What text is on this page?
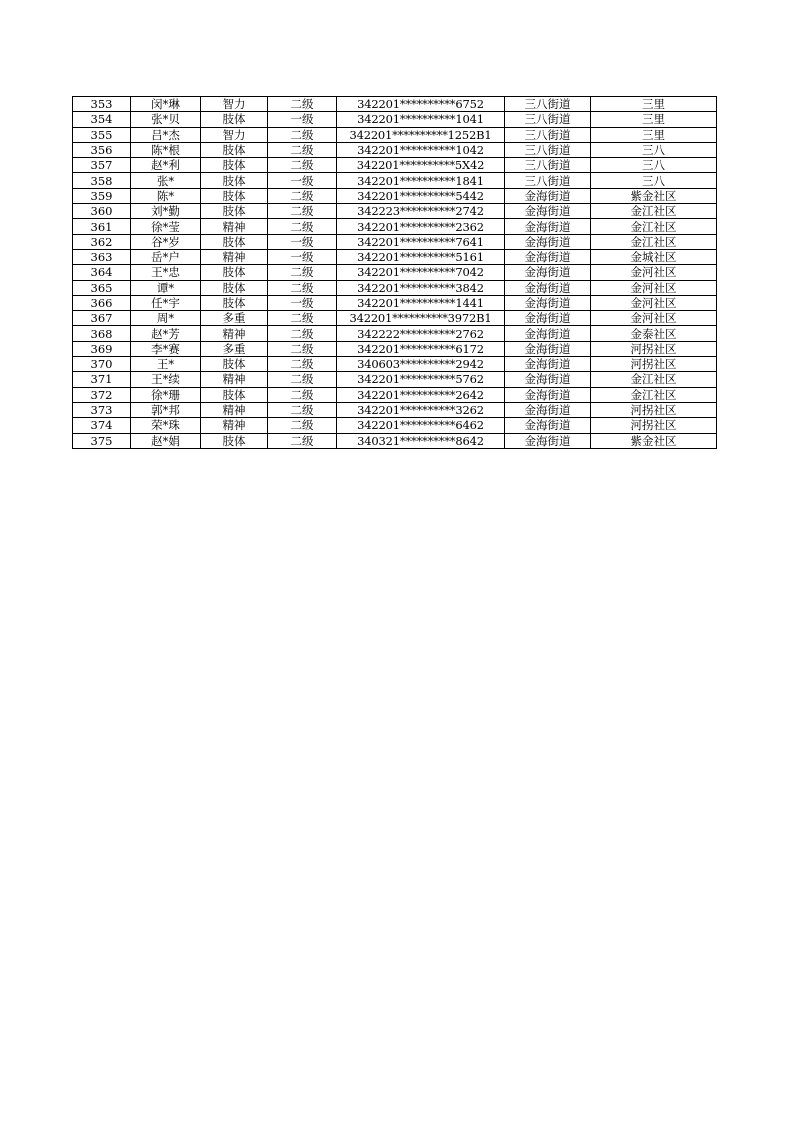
353	闵*琳	智力	二级	342201**********6752	三八街道	三里
354	张*贝	肢体	一级	342201**********1041	三八街道	三里
355	吕*杰	智力	二级	342201**********1252B1	三八街道	三里
356	陈*根	肢体	二级	342201**********1042	三八街道	三八
357	赵*利	肢体	二级	342201**********5X42	三八街道	三八
358	张*	肢体	一级	342201**********1841	三八街道	三八
359	陈*	肢体	二级	342201**********5442	金海街道	紫金社区
360	刘*勤	肢体	二级	342223**********2742	金海街道	金江社区
361	徐*莹	精神	二级	342201**********2362	金海街道	金江社区
362	谷*岁	肢体	一级	342201**********7641	金海街道	金江社区
363	岳*户	精神	一级	342201**********5161	金海街道	金城社区
364	王*忠	肢体	二级	342201**********7042	金海街道	金河社区
365	谭*	肢体	二级	342201**********3842	金海街道	金河社区
366	任*宇	肢体	一级	342201**********1441	金海街道	金河社区
367	周*	多重	二级	342201**********3972B1	金海街道	金河社区
368	赵*芳	精神	二级	342222**********2762	金海街道	金泰社区
369	李*赛	多重	二级	342201**********6172	金海街道	河拐社区
370	王*	肢体	二级	340603**********2942	金海街道	河拐社区
371	王*续	精神	二级	342201**********5762	金海街道	金江社区
372	徐*珊	肢体	二级	342201**********2642	金海街道	金江社区
373	郭*邦	精神	二级	342201**********3262	金海街道	河拐社区
374	荣*珠	精神	二级	342201**********6462	金海街道	河拐社区
375	赵*娟	肢体	二级	340321**********8642	金海街道	紫金社区
